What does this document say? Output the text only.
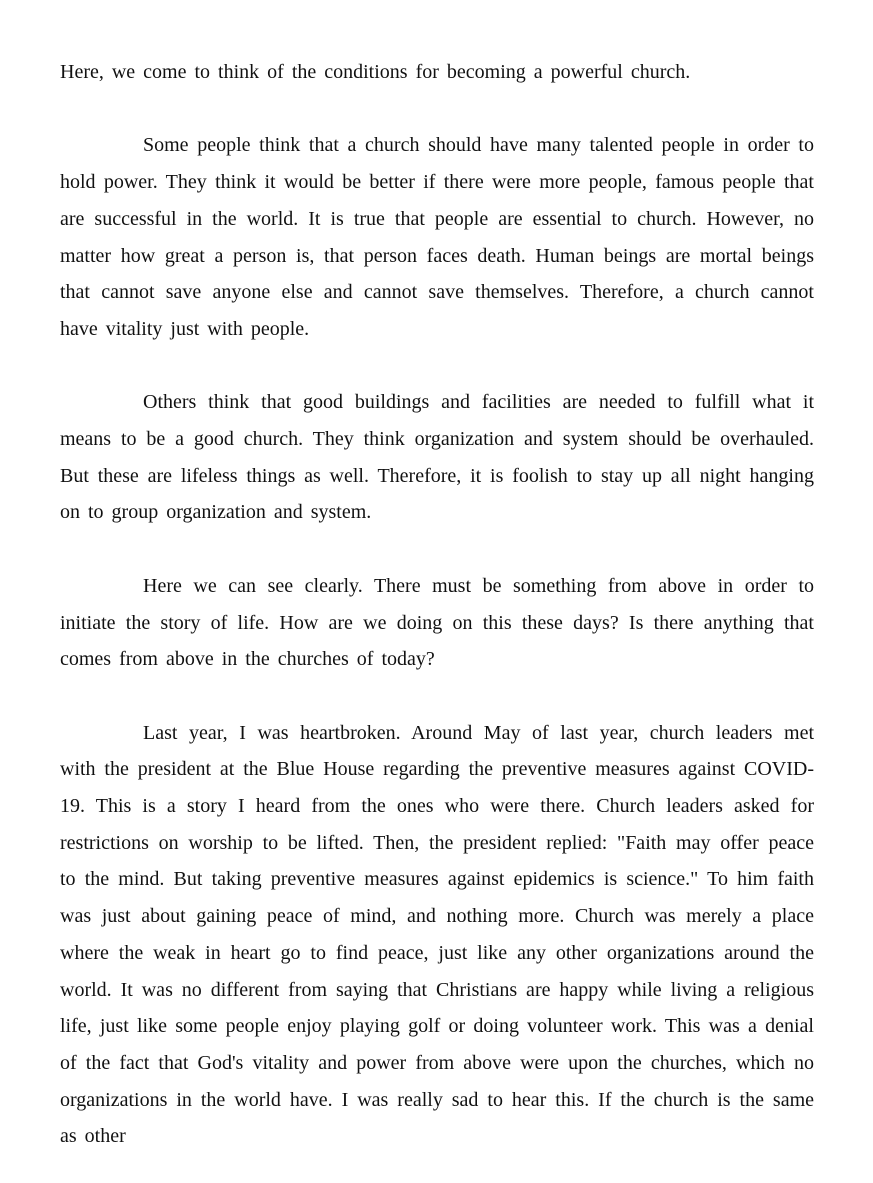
Here, we come to think of the conditions for becoming a powerful church.

Some people think that a church should have many talented people in order to hold power. They think it would be better if there were more people, famous people that are successful in the world. It is true that people are essential to church. However, no matter how great a person is, that person faces death. Human beings are mortal beings that cannot save anyone else and cannot save themselves. Therefore, a church cannot have vitality just with people.

Others think that good buildings and facilities are needed to fulfill what it means to be a good church. They think organization and system should be overhauled. But these are lifeless things as well. Therefore, it is foolish to stay up all night hanging on to group organization and system.

Here we can see clearly. There must be something from above in order to initiate the story of life. How are we doing on this these days? Is there anything that comes from above in the churches of today?

Last year, I was heartbroken. Around May of last year, church leaders met with the president at the Blue House regarding the preventive measures against COVID-19. This is a story I heard from the ones who were there. Church leaders asked for restrictions on worship to be lifted. Then, the president replied: "Faith may offer peace to the mind. But taking preventive measures against epidemics is science." To him faith was just about gaining peace of mind, and nothing more. Church was merely a place where the weak in heart go to find peace, just like any other organizations around the world. It was no different from saying that Christians are happy while living a religious life, just like some people enjoy playing golf or doing volunteer work. This was a denial of the fact that God's vitality and power from above were upon the churches, which no organizations in the world have. I was really sad to hear this. If the church is the same as other
